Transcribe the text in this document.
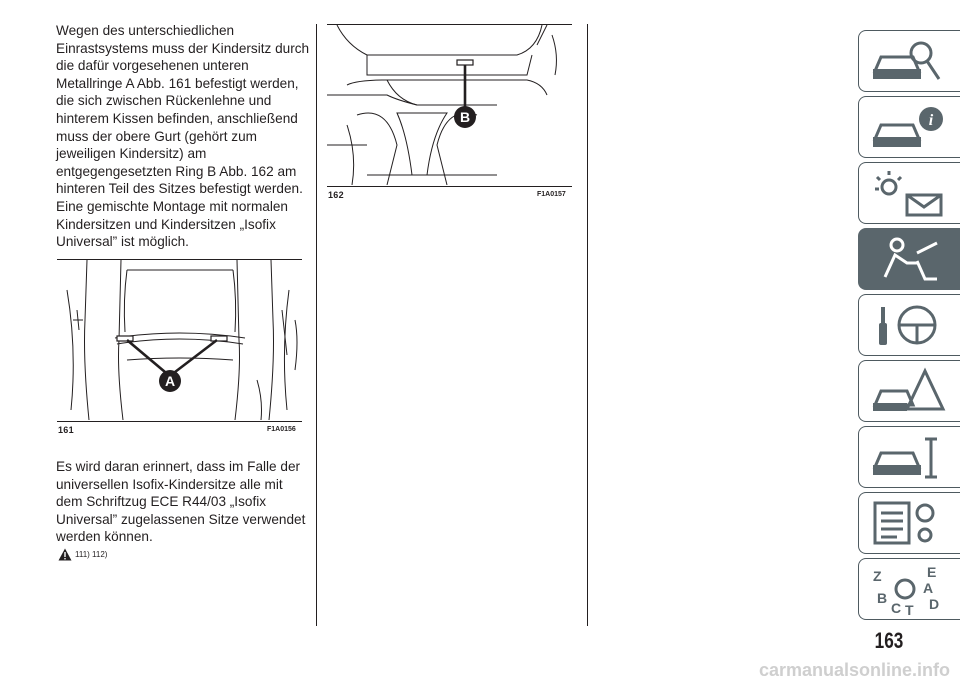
Wegen des unterschiedlichen Einrastsystems muss der Kindersitz durch die dafür vorgesehenen unteren Metallringe A Abb. 161 befestigt werden, die sich zwischen Rückenlehne und hinterem Kissen befinden, anschließend muss der obere Gurt (gehört zum jeweiligen Kindersitz) am entgegengesetzten Ring B Abb. 162 am hinteren Teil des Sitzes befestigt werden. Eine gemischte Montage mit normalen Kindersitzen und Kindersitzen „Isofix Universal” ist möglich.

A
161	F1A0156

Es wird daran erinnert, dass im Falle der universellen Isofix-Kindersitze alle mit dem Schriftzug ECE R44/03 „Isofix Universal” zugelassenen Sitze verwendet werden können.

111) 112)
B
162	F1A0157
i
Z	E
A
B	D
C T
163
carmanualsonline.info
